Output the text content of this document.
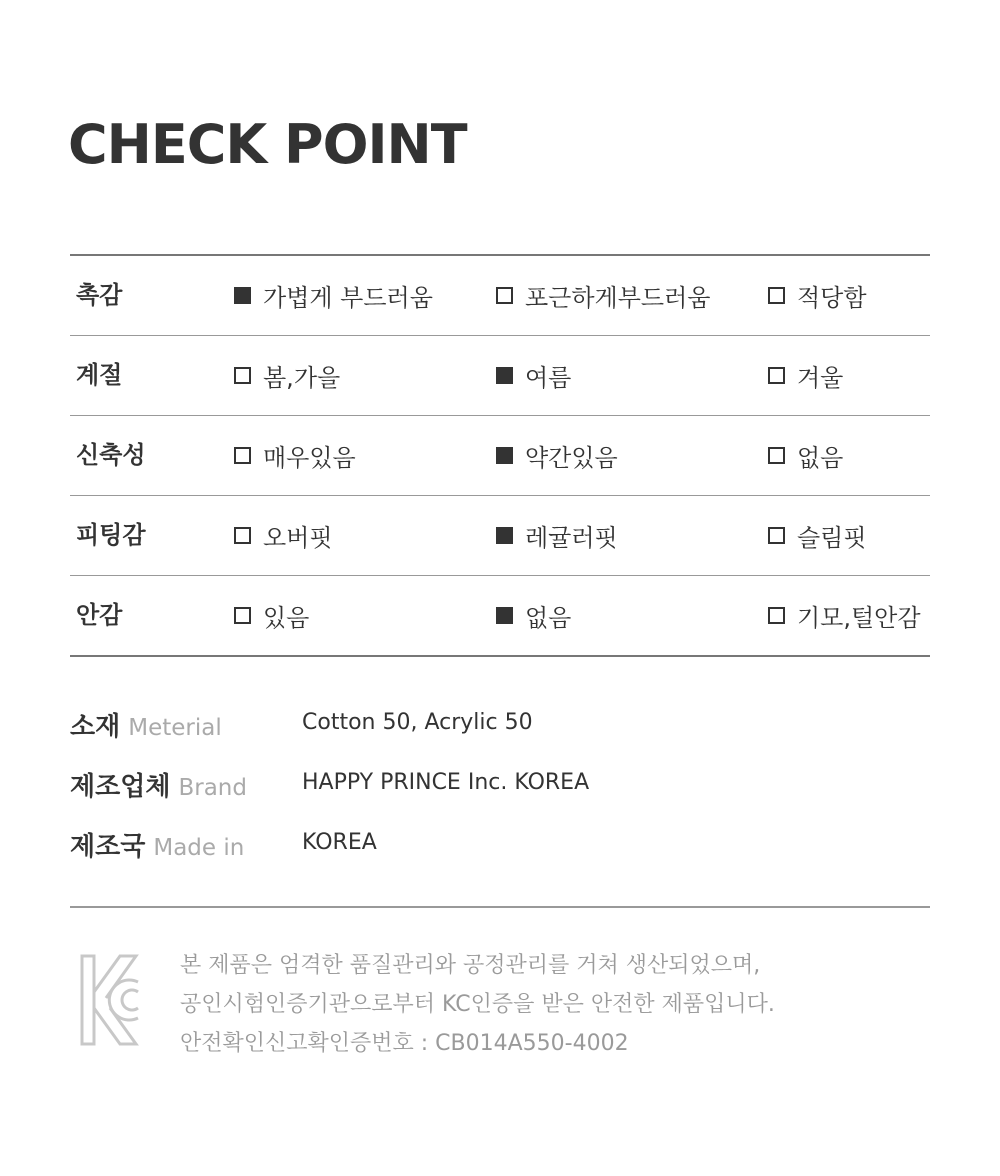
CHECK POINT
촉감	가볍게 부드러움	포근하게부드러움	적당함
계절	봄,가을	여름	겨울
신축성	매우있음	약간있음	없음
피팅감	오버핏	레귤러핏	슬림핏
안감	있음	없음	기모,털안감
소재 Meterial	Cotton 50, Acrylic 50
제조업체 Brand	HAPPY PRINCE Inc. KOREA
제조국 Made in	KOREA
본 제품은 엄격한 품질관리와 공정관리를 거쳐 생산되었으며,
공인시험인증기관으로부터 KC인증을 받은 안전한 제품입니다.
안전확인신고확인증번호 : CB014A550-4002
